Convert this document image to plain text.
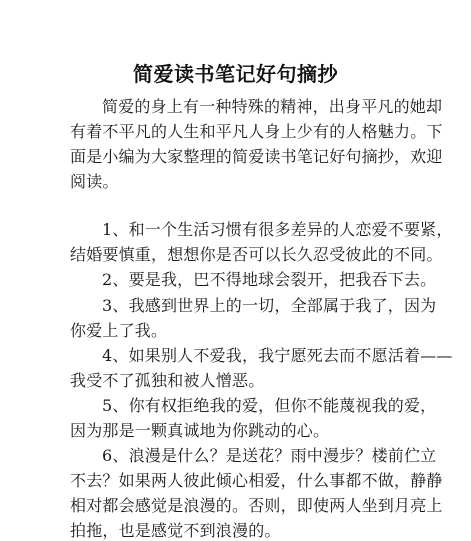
简爱读书笔记好句摘抄
简爱的身上有一种特殊的精神，出身平凡的她却
有着不平凡的人生和平凡人身上少有的人格魅力。下
面是小编为大家整理的简爱读书笔记好句摘抄，欢迎
阅读。
1、和一个生活习惯有很多差异的人恋爱不要紧，
结婚要慎重，想想你是否可以长久忍受彼此的不同。
2、要是我，巴不得地球会裂开，把我吞下去。
3、我感到世界上的一切，全部属于我了，因为
你爱上了我。
4、如果别人不爱我，我宁愿死去而不愿活着——
我受不了孤独和被人憎恶。
5、你有权拒绝我的爱，但你不能蔑视我的爱，
因为那是一颗真诚地为你跳动的心。
6、浪漫是什么？是送花？雨中漫步？楼前伫立
不去？如果两人彼此倾心相爱，什么事都不做，静静
相对都会感觉是浪漫的。否则，即使两人坐到月亮上
拍拖，也是感觉不到浪漫的。
